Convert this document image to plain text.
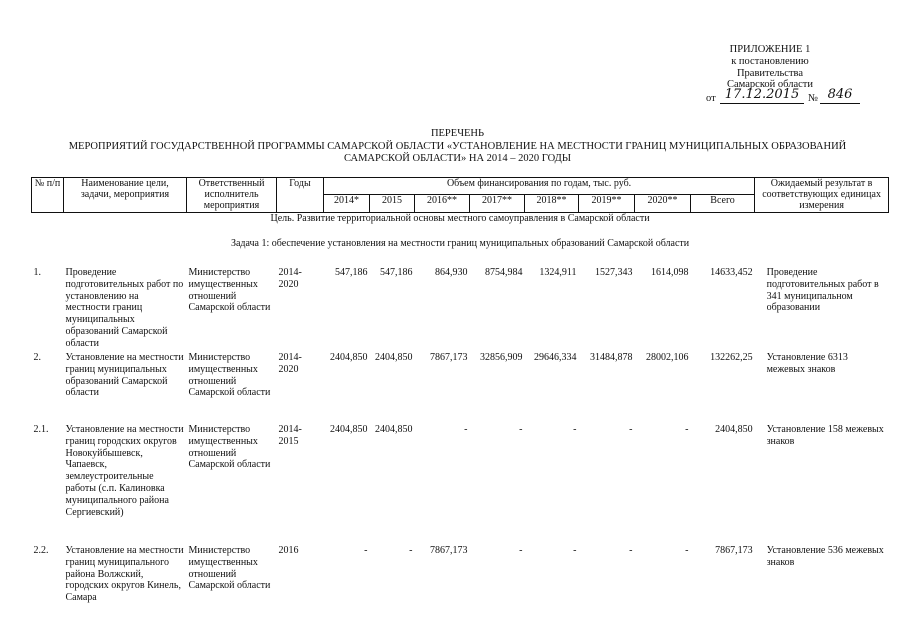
ПРИЛОЖЕНИЕ 1
к постановлению Правительства
Самарской области
от 17.12.2015 № 846
ПЕРЕЧЕНЬ
МЕРОПРИЯТИЙ ГОСУДАРСТВЕННОЙ ПРОГРАММЫ САМАРСКОЙ ОБЛАСТИ «УСТАНОВЛЕНИЕ НА МЕСТНОСТИ ГРАНИЦ МУНИЦИПАЛЬНЫХ ОБРАЗОВАНИЙ
САМАРСКОЙ ОБЛАСТИ» НА 2014 – 2020 ГОДЫ
№ п/п	Наименование цели, задачи, мероприятия	Ответственный исполнитель мероприятия	Годы	Объем финансирования по годам, тыс. руб.								Ожидаемый результат в соответствующих единицах измерения
				2014*	2015	2016**	2017**	2018**	2019**	2020**	Всего	
Цель. Развитие территориальной основы местного самоуправления в Самарской области												
Задача 1: обеспечение установления на местности границ муниципальных образований Самарской области												
1.	Проведение подготовительных работ по установлению на местности границ муниципальных образований Самарской области	Министерство имущественных отношений Самарской области	2014-2020	547,186	547,186	864,930	8754,984	1324,911	1527,343	1614,098	14633,452	Проведение подготовительных работ в 341 муниципальном образовании
2.	Установление на местности границ муниципальных образований Самарской области	Министерство имущественных отношений Самарской области	2014-2020	2404,850	2404,850	7867,173	32856,909	29646,334	31484,878	28002,106	132262,25	Установление 6313 межевых знаков
2.1.	Установление на местности границ городских округов Новокуйбышевск, Чапаевск, землеустроительные работы (с.п. Калиновка муниципального района Сергиевский)	Министерство имущественных отношений Самарской области	2014-2015	2404,850	2404,850	-	-	-	-	-	2404,850	Установление 158 межевых знаков
2.2.	Установление на местности границ муниципального района Волжский, городских округов Кинель, Самара	Министерство имущественных отношений Самарской области	2016	-	-	7867,173	-	-	-	-	7867,173	Установление 536 межевых знаков
